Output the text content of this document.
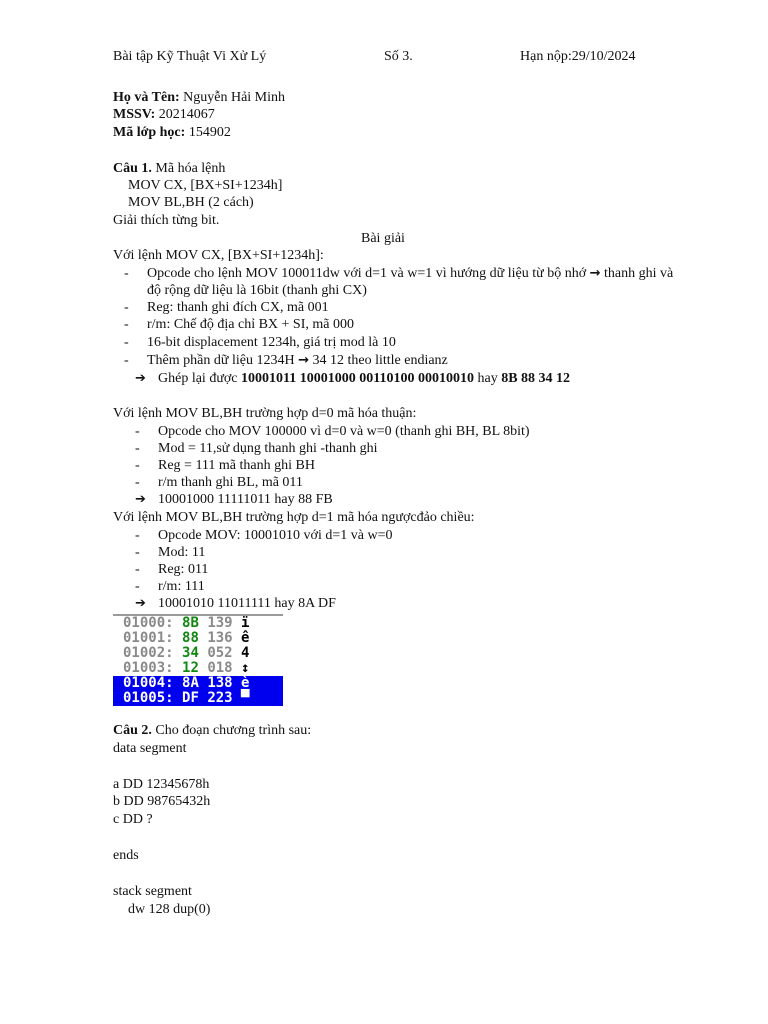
Bài tập Kỹ Thuật Vi Xử Lý	Số 3.	Hạn nộp:29/10/2024
Họ và Tên: Nguyễn Hải Minh
MSSV: 20214067
Mã lớp học: 154902
Câu 1. Mã hóa lệnh
MOV CX, [BX+SI+1234h]
MOV BL,BH (2 cách)
Giải thích từng bit.
Bài giải
Với lệnh MOV CX, [BX+SI+1234h]:
- Opcode cho lệnh MOV 100011dw với d=1 và w=1 vì hướng dữ liệu từ bộ nhớ → thanh ghi và
độ rộng dữ liệu là 16bit (thanh ghi CX)
- Reg: thanh ghi đích CX, mã 001
- r/m: Chế độ địa chỉ BX + SI, mã 000
- 16-bit displacement 1234h, giá trị mod là 10
- Thêm phần dữ liệu 1234H → 34 12 theo little endianz
➔ Ghép lại được 10001011 10001000 00110100 00010010 hay 8B 88 34 12
Với lệnh MOV BL,BH trường hợp d=0 mã hóa thuận:
- Opcode cho MOV 100000 vì d=0 và w=0 (thanh ghi BH, BL 8bit)
- Mod = 11,sử dụng thanh ghi -thanh ghi
- Reg = 111 mã thanh ghi BH
- r/m thanh ghi BL, mã 011
➔ 10001000 11111011 hay 88 FB
Với lệnh MOV BL,BH trường hợp d=1 mã hóa ngượcđảo chiều:
- Opcode MOV: 10001010 với d=1 và w=0
- Mod: 11
- Reg: 011
- r/m: 111
➔ 10001010 11011111 hay 8A DF
01000: 8B 139 ï
01001: 88 136 ê
01002: 34 052 4
01003: 12 018 ↕
01004: 8A 138 è
01005: DF 223 ▀
Câu 2. Cho đoạn chương trình sau:
data segment
a DD 12345678h
b DD 98765432h
c DD ?
ends
stack segment
dw 128 dup(0)
